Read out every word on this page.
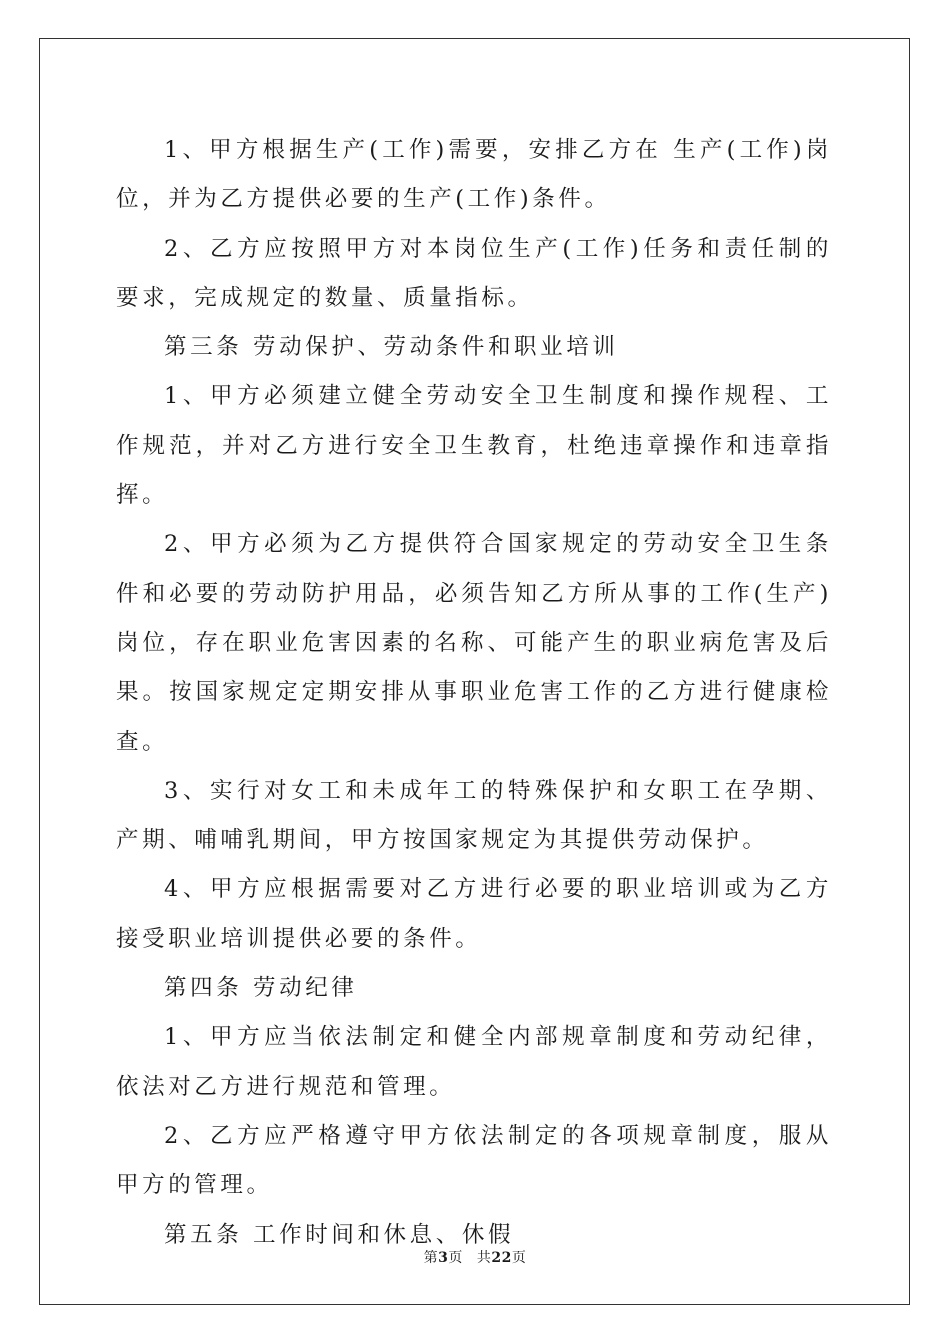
1、甲方根据生产(工作)需要，安排乙方在 生产(工作)岗位，并为乙方提供必要的生产(工作)条件。

2、乙方应按照甲方对本岗位生产(工作)任务和责任制的要求，完成规定的数量、质量指标。

第三条 劳动保护、劳动条件和职业培训

1、甲方必须建立健全劳动安全卫生制度和操作规程、工作规范，并对乙方进行安全卫生教育，杜绝违章操作和违章指挥。

2、甲方必须为乙方提供符合国家规定的劳动安全卫生条件和必要的劳动防护用品，必须告知乙方所从事的工作(生产)岗位，存在职业危害因素的名称、可能产生的职业病危害及后果。按国家规定定期安排从事职业危害工作的乙方进行健康检查。

3、实行对女工和未成年工的特殊保护和女职工在孕期、产期、哺哺乳期间，甲方按国家规定为其提供劳动保护。

4、甲方应根据需要对乙方进行必要的职业培训或为乙方接受职业培训提供必要的条件。

第四条 劳动纪律

1、甲方应当依法制定和健全内部规章制度和劳动纪律，依法对乙方进行规范和管理。

2、乙方应严格遵守甲方依法制定的各项规章制度，服从甲方的管理。

第五条 工作时间和休息、休假

第3页 共22页
